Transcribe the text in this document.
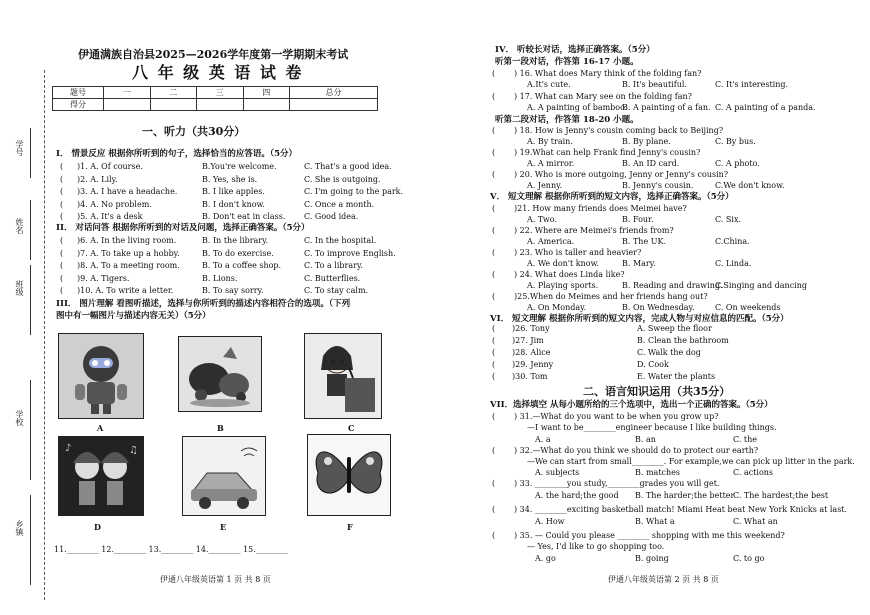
学号
姓名
班级
学校
乡镇
伊通满族自治县2025—2026学年度第一学期期末考试
八 年 级 英 语 试 卷
题号	一	二	三	四	总分
得分					
一、听力（共30分）
I． 情景反应 根据你所听到的句子，选择恰当的应答语。（5分）
( )1. A. Of course.	B.You're welcome.	C. That's a good idea.
( )2. A. Lily.	B. Yes, she is.	C. She is outgoing.
( )3. A. I have a headache.	B. I like apples.	C. I'm going to the park.
( )4. A. No problem.	B. I don't know.	C. Once a month.
( )5. A. It's a desk	B. Don't eat in class. C. Good idea.
II． 对话问答 根据你所听到的对话及问题，选择正确答案。（5分）
( )6. A. In the living room.	B. In the library.	C. In the hospital.
( )7. A. To take up a hobby.	B. To do exercise.	C. To improve English.
( )8. A. To a meeting room.	B. To a coffee shop.	C. To a library.
( )9. A. Tigers.	B. Lions.	C. Butterflies.
( )10. A. To write a letter.	B. To say sorry.	C. To stay calm.
III． 图片理解 看图听描述，选择与你所听到的描述内容相符合的选项。（下列
图中有一幅图片与描述内容无关）（5分）
A	B	C
♪	♫
D	E	F
11.________ 12.________ 13.________ 14.________ 15.________
伊通八年级英语第 1 页 共 8 页
IV． 听较长对话，选择正确答案。（5分）
听第一段对话，作答第 16-17 小题。
( ) 16. What does Mary think of the folding fan?
A.It's cute.	B. It's beautiful.	C. It's interesting.
( ) 17. What can Mary see on the folding fan?
A. A painting of bamboo.
B. A painting of a fan. C. A painting of a panda.
( ) 18. How is Jenny's cousin coming back to Beijing?
A. By train.	B. By plane.	C. By bus.
( ) 19.What can help Frank find Jenny's cousin?
A. A mirror.	B. An ID card.	C. A photo.
( ) 20. Who is more outgoing, Jenny or Jenny's cousin?
A. Jenny.	B. Jenny's cousin.	C.We don't know.
听第二段对话，作答第 18-20 小题。
V． 短文理解 根据你所听到的短文内容，选择正确答案。（5分）
( )21. How many friends does Meimei have?
A. Two.	B. Four.	C. Six.
( ) 22. Where are Meimei's friends from?
A. America.	B. The UK.	C.China.
( ) 23. Who is taller and heavier?
A. We don't know.	B. Mary.	C. Linda.
( ) 24. What does Linda like?
A. Playing sports.	B. Reading and drawing.
C.Singing and dancing
( )25.When do Meimes and her friends hang out?
A. On Monday.	B. On Wednesday.	C. On weekends
VI． 短文理解 根据你所听到的短文内容，完成人物与对应信息的匹配。（5分）
( )26. Tony	A. Sweep the floor
( )27. Jim	B. Clean the bathroom
( )28. Alice	C. Walk the dog
( )29. Jenny	D. Cook
( )30. Tom	E. Water the plants
二、语言知识运用（共35分）
VII．选择填空 从每小题所给的三个选项中，选出一个正确的答案。（5分）
( ) 31.—What do you want to be when you grow up?
—I want to be________engineer because I like building things.
A. a	B. an	C. the
( ) 32.—What do you think we should do to protect our earth?
—We can start from small________. For example,we can pick up litter in the park.
A. subjects	B. matches	C. actions
( ) 33. ________you study,________grades you will get.
A. the hard;the good B. The harder;the better
C. The hardest;the best
( ) 34. ________exciting basketball match! Miami Heat beat New York Knicks at last.
A. How	B. What a	C. What an
( ) 35. — Could you please ________ shopping with me this weekend?
— Yes, I'd like to go shopping too.
A. go	B. going	C. to go
伊通八年级英语第 2 页 共 8 页
